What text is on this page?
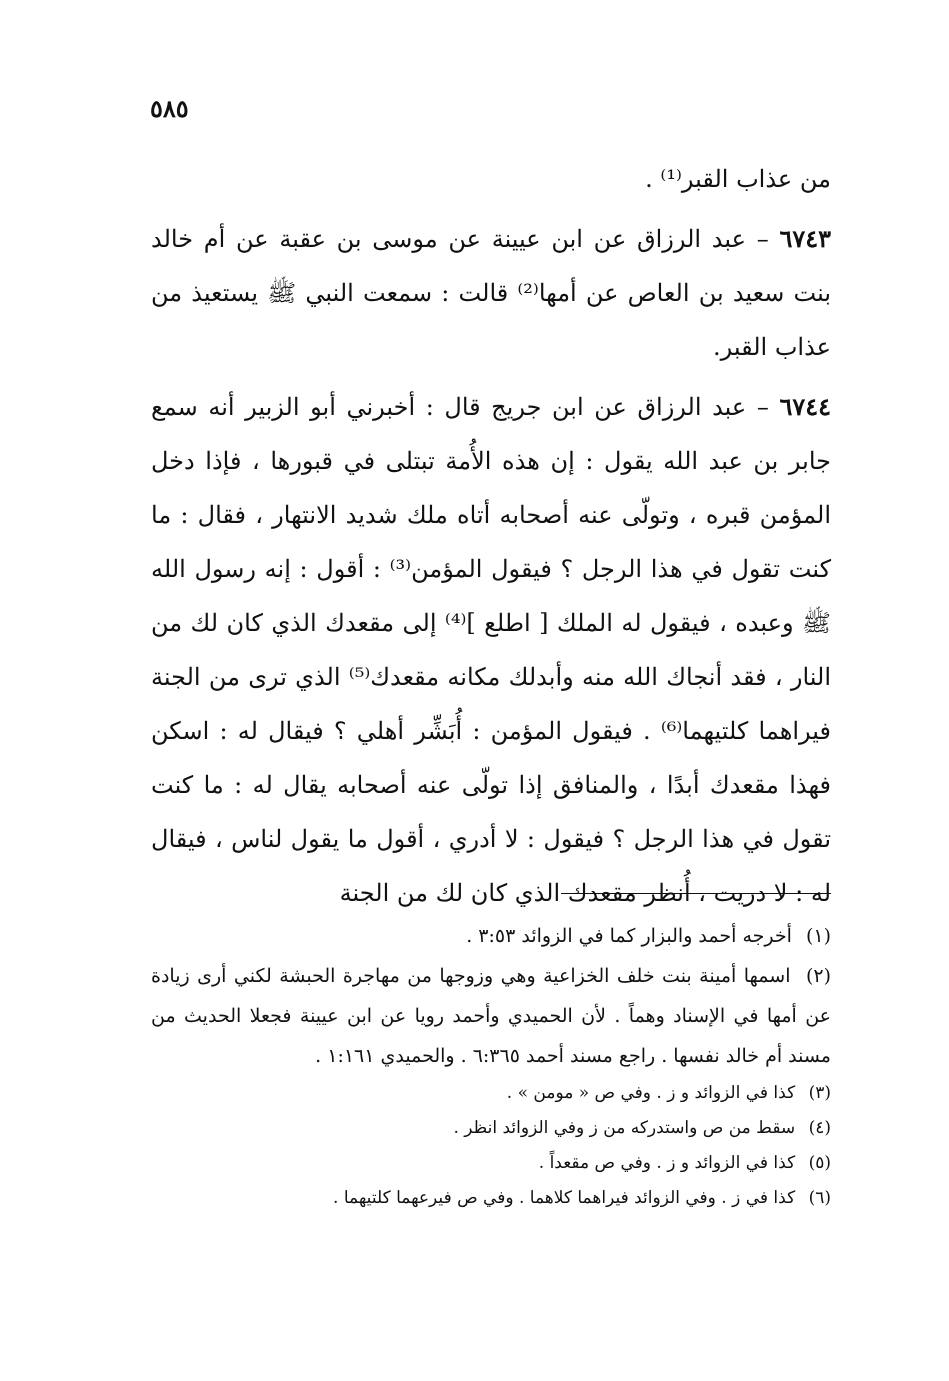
٥٨٥

من عذاب القبر⁽¹⁾ .

٦٧٤٣ – عبد الرزاق عن ابن عيينة عن موسى بن عقبة عن أم خالد بنت سعيد بن العاص عن أمها⁽²⁾ قالت : سمعت النبي ﷺ يستعيذ من عذاب القبر.

٦٧٤٤ – عبد الرزاق عن ابن جريج قال : أخبرني أبو الزبير أنه سمع جابر بن عبد الله يقول : إن هذه الأُمة تبتلى في قبورها ، فإذا دخل المؤمن قبره ، وتولّى عنه أصحابه أتاه ملك شديد الانتهار ، فقال : ما كنت تقول في هذا الرجل ؟ فيقول المؤمن⁽³⁾ : أقول : إنه رسول الله ﷺ وعبده ، فيقول له الملك [ اطلع ]⁽⁴⁾ إلى مقعدك الذي كان لك من النار ، فقد أنجاك الله منه وأبدلك مكانه مقعدك⁽⁵⁾ الذي ترى من الجنة فيراهما كلتيهما⁽⁶⁾ . فيقول المؤمن : أُبَشِّر أهلي ؟ فيقال له : اسكن فهذا مقعدك أبدًا ، والمنافق إذا تولّى عنه أصحابه يقال له : ما كنت تقول في هذا الرجل ؟ فيقول : لا أدري ، أقول ما يقول لناس ، فيقال له : لا دريت ، أُنظر مقعدك الذي كان لك من الجنة

(١) أخرجه أحمد والبزار كما في الزوائد ٣:٥٣ .

(٢) اسمها أمينة بنت خلف الخزاعية وهي وزوجها من مهاجرة الحبشة لكني أرى زيادة عن أمها في الإسناد وهماً . لأن الحميدي وأحمد رويا عن ابن عيينة فجعلا الحديث من مسند أم خالد نفسها . راجع مسند أحمد ٦:٣٦٥ . والحميدي ١:١٦١ .

(٣) كذا في الزوائد و ز . وفي ص « مومن » .

(٤) سقط من ص واستدركه من ز وفي الزوائد انظر .

(٥) كذا في الزوائد و ز . وفي ص مقعداً .

(٦) كذا في ز . وفي الزوائد فيراهما كلاهما . وفي ص فيرعهما كلتيهما .
